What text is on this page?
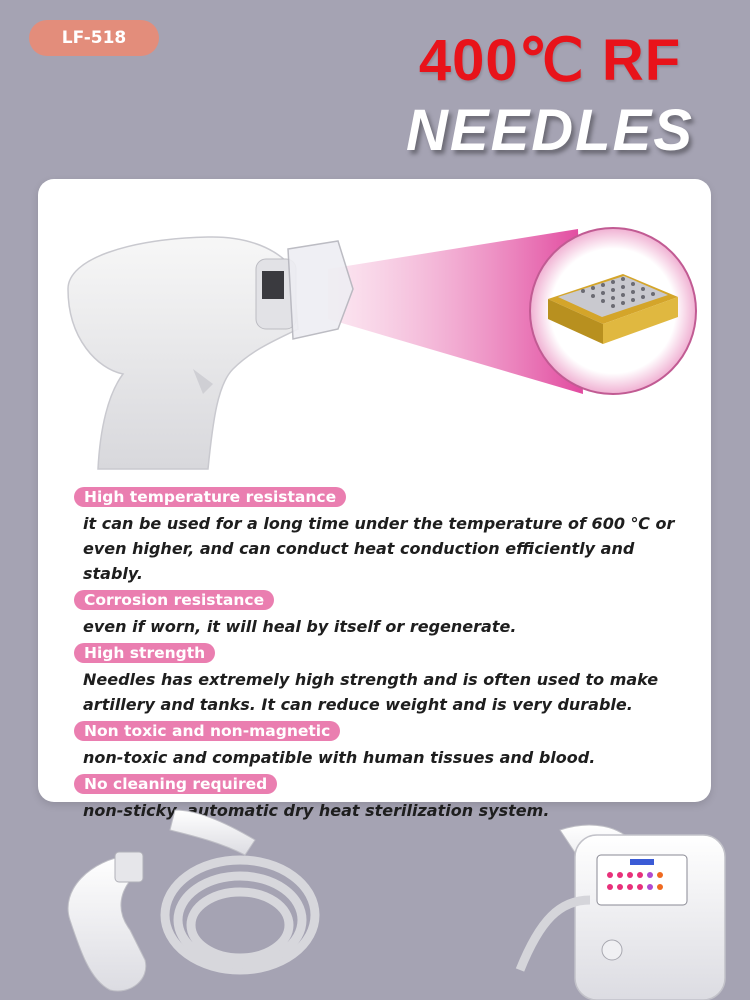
LF-518	400℃ RF
NEEDLES
High temperature resistance
it can be used for a long time under the temperature of 600 ℃ or even higher, and can conduct heat conduction efficiently and stably.
Corrosion resistance
even if worn, it will heal by itself or regenerate.
High strength
Needles has extremely high strength and is often used to make artillery and tanks. It can reduce weight and is very durable.
Non toxic and non-magnetic
non-toxic and compatible with human tissues and blood.
No cleaning required
non-sticky, automatic dry heat sterilization system.
